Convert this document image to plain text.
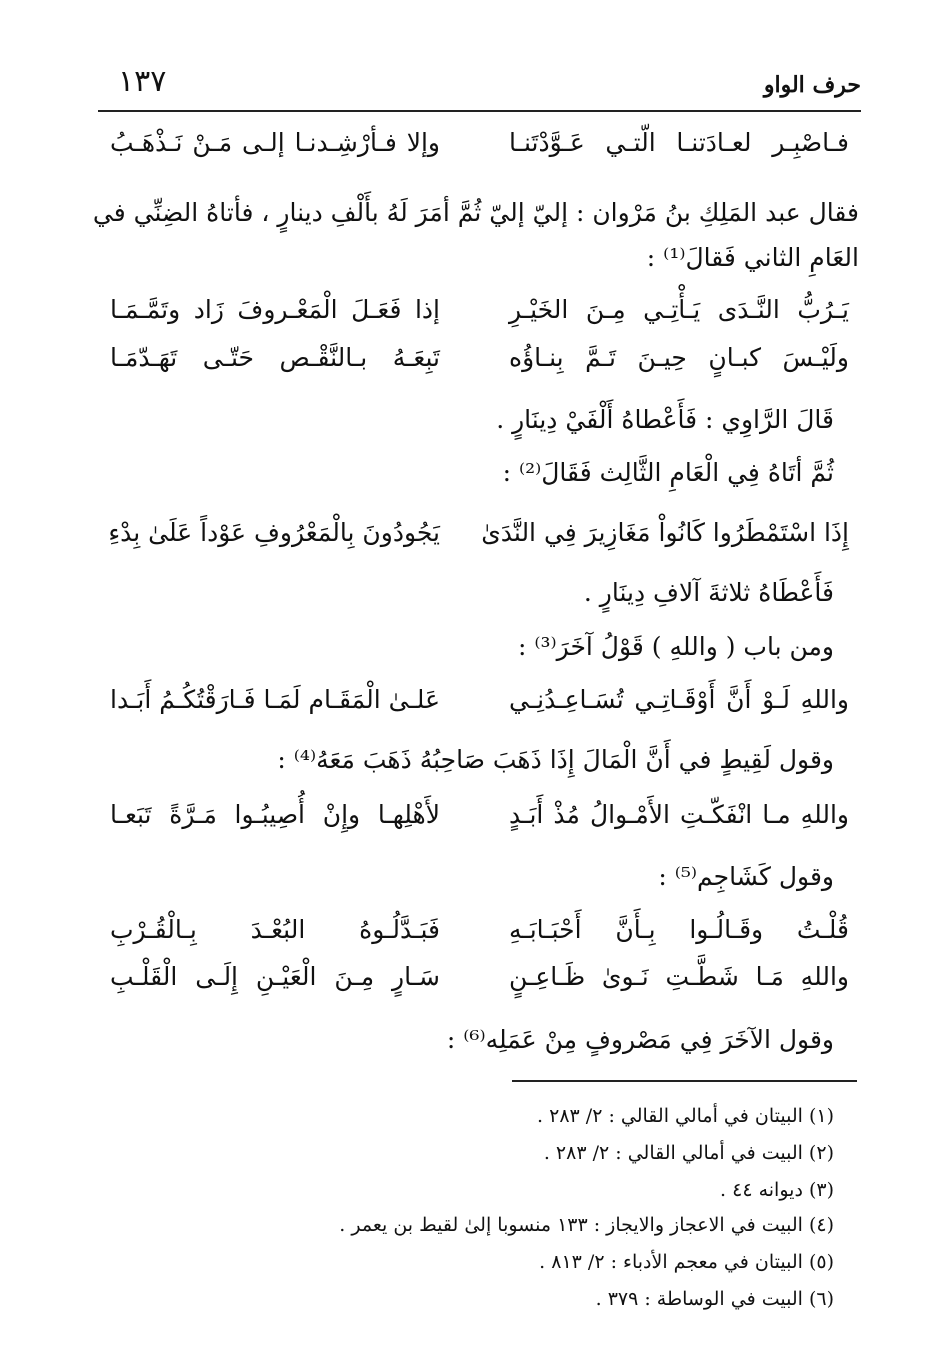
١٣٧	حرف الواو
فـاصْبِـر لعـادَتنـا الّتـي عَـوَّدْتَنـا
وإلا فـأرْشِـدنـا إلـى مَـنْ نَـذْهَـبُ
فقال عبد المَلِكِ بنُ مَرْوان : إليّ إليّ ثُمَّ أمَرَ لَهُ بأَلْفِ دينارٍ ، فأتاهُ الضِنِّي في
العَامِ الثاني فَقالَ⁽¹⁾ :
يَـرُبُّ النَّـدَى يَـأْتِـي مِـنَ الخَيْـرِ
إذا فَعَـلَ الْمَعْـروفَ زَاد وتَمَّـمَـا
ولَيْـسَ كبـانٍ حِيـنَ تَـمَّ بِنـاؤُه
تَبِعَـهُ بـالنَّقْـص حَتّـى تَهَـدّمَـا
قَالَ الرَّاوِي : فَأَعْطاهُ أَلْفَيْ دِينَارٍ .
ثُمَّ أتَاهُ فِي الْعَامِ الثَّالِث فَقَالَ⁽²⁾ :
إِذَا اسْتَمْطَرُوا كَانُواْ مَغَازِيرَ فِي النَّدَىٰ
يَجُودُونَ بِالْمَعْرُوفِ عَوْداً عَلَىٰ بِدْءِ
فَأَعْطَاهُ ثلاثةَ آلافِ دِينَارٍ .
ومن باب ( واللهِ ) قَوْلُ آخَرَ⁽³⁾ :
واللهِ لَـوْ أَنَّ أَوْقَـاتِـي تُسَـاعِـدُنِـي
عَلـىٰ الْمَقَـام لَمَـا فَـارَقْتُكُـمُ أَبَـدا
وقول لَقِيطٍ في أَنَّ الْمَالَ إِذَا ذَهَبَ صَاحِبُهُ ذَهَبَ مَعَهُ⁽⁴⁾ :
واللهِ مـا انْفَكّـتِ الأَمْـوالُ مُذْ أَبَـدٍ
لأَهْلِهـا وإِنْ أُصِيبُـوا مَـرَّةً تَبَعـا
وقول كَشَاجِم⁽⁵⁾ :
قُلْـتُ وقَـالُـوا بِـأَنَّ أَحْبَـابَـهِ
فَبَـدَّلُـوهُ البُعْـدَ بِـالْقُـرْبِ
واللهِ مَـا شَطَّـتِ نَـوىٰ ظَـاعِـنٍ
سَـارٍ مِـنَ الْعَيْـنِ إِلَـى الْقَلْـبِ
وقول الآخَرَ فِي مَصْروفٍ مِنْ عَمَلِه⁽⁶⁾ :
(١) البيتان في أمالي القالي : ٢/ ٢٨٣ .
(٢) البيت في أمالي القالي : ٢/ ٢٨٣ .
(٣) ديوانه ٤٤ .
(٤) البيت في الاعجاز والايجاز : ١٣٣ منسوبا إلىٰ لقيط بن يعمر .
(٥) البيتان في معجم الأدباء : ٢/ ٨١٣ .
(٦) البيت في الوساطة : ٣٧٩ .
